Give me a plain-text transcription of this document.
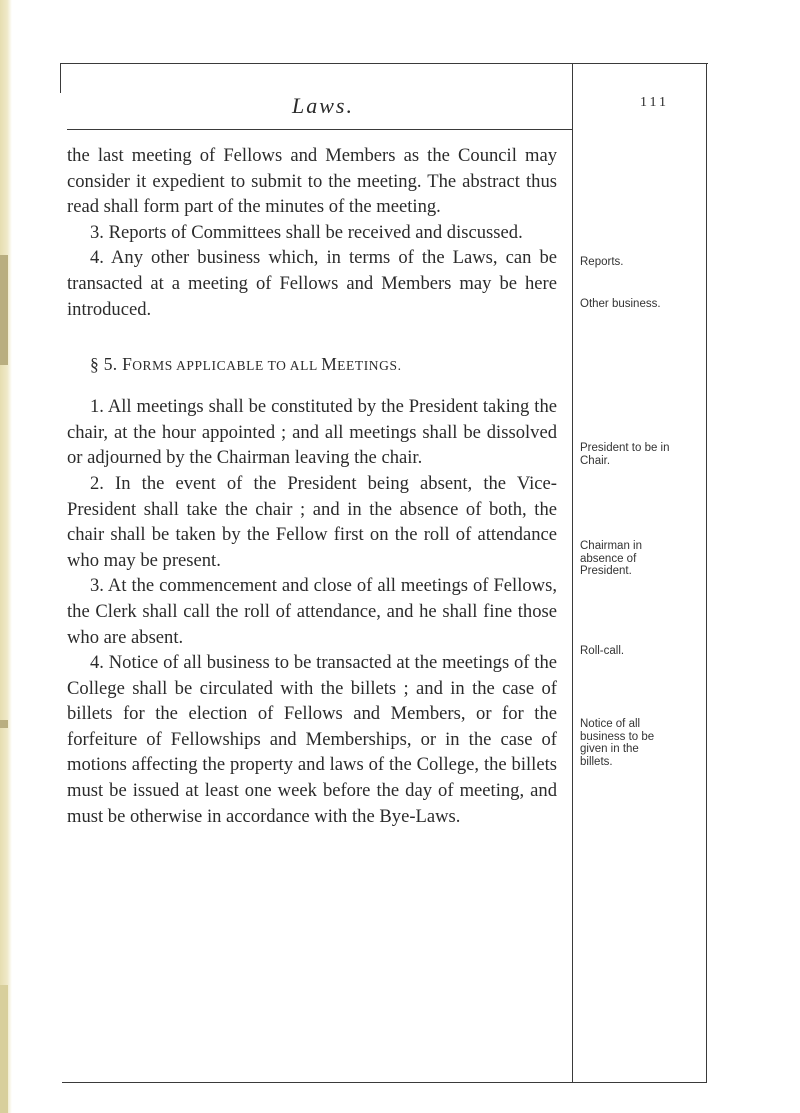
Laws.	111

the last meeting of Fellows and Members as the Council may consider it expedient to submit to the meeting. The abstract thus read shall form part of the minutes of the meeting.

3. Reports of Committees shall be received and discussed.

4. Any other business which, in terms of the Laws, can be transacted at a meeting of Fellows and Members may be here introduced.

§ 5. FORMS APPLICABLE TO ALL MEETINGS.

1. All meetings shall be constituted by the President taking the chair, at the hour appointed ; and all meetings shall be dissolved or adjourned by the Chairman leaving the chair.

2. In the event of the President being absent, the Vice-President shall take the chair ; and in the absence of both, the chair shall be taken by the Fellow first on the roll of attendance who may be present.

3. At the commencement and close of all meetings of Fellows, the Clerk shall call the roll of attendance, and he shall fine those who are absent.

4. Notice of all business to be transacted at the meetings of the College shall be circulated with the billets ; and in the case of billets for the election of Fellows and Members, or for the forfeiture of Fellowships and Memberships, or in the case of motions affecting the property and laws of the College, the billets must be issued at least one week before the day of meeting, and must be otherwise in accordance with the Bye-Laws.

Reports.
Other business.
President to be in Chair.
Chairman in absence of President.
Roll-call.
Notice of all business to be given in the billets.
